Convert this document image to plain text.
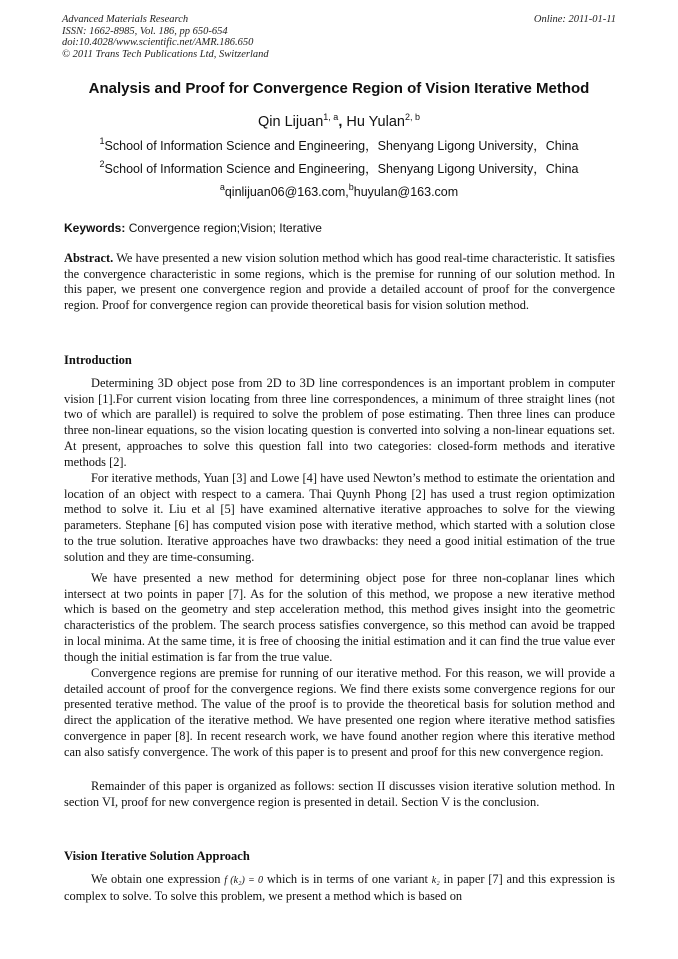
Advanced Materials Research
ISSN: 1662-8985, Vol. 186, pp 650-654
doi:10.4028/www.scientific.net/AMR.186.650
© 2011 Trans Tech Publications Ltd, Switzerland
Online: 2011-01-11
Analysis and Proof for Convergence Region of Vision Iterative Method
Qin Lijuan$^{1, a}$, Hu Yulan$^{2, b}$
$^1$School of Information Science and Engineering，Shenyang Ligong University，China
$^2$School of Information Science and Engineering，Shenyang Ligong University，China
$^a$qinlijuan06@163.com,$^b$huyulan@163.com
Keywords: Convergence region;Vision; Iterative
Abstract. We have presented a new vision solution method which has good real-time characteristic. It satisfies the convergence characteristic in some regions, which is the premise for running of our solution method. In this paper, we present one convergence region and provide a detailed account of proof for the convergence region. Proof for convergence region can provide theoretical basis for vision solution method.
Introduction
Determining 3D object pose from 2D to 3D line correspondences is an important problem in computer vision [1].For current vision locating from three line correspondences, a minimum of three straight lines (not two of which are parallel) is required to solve the problem of pose estimating. Then three lines can produce three non-linear equations, so the vision locating question is converted into solving a non-linear equations set. At present, approaches to solve this question fall into two categories: closed-form methods and iterative methods [2].
For iterative methods, Yuan [3] and Lowe [4] have used Newton’s method to estimate the orientation and location of an object with respect to a camera. Thai Quynh Phong [2] has used a trust region optimization method to solve it. Liu et al [5] have examined alternative iterative approaches to solve for the viewing parameters. Stephane [6] has computed vision pose with iterative method, which started with a solution close to the true solution. Iterative approaches have two drawbacks: they need a good initial estimation of the true solution and they are time-consuming.
We have presented a new method for determining object pose for three non-coplanar lines which intersect at two points in paper [7]. As for the solution of this method, we propose a new iterative method which is based on the geometry and step acceleration method, this method gives insight into the geometric characteristics of the problem. The search process satisfies convergence, so this method can avoid be trapped in local minima. At the same time, it is free of choosing the initial estimation and it can find the true value ever though the initial estimation is far from the true value.
Convergence regions are premise for running of our iterative method. For this reason, we will provide a detailed account of proof for the convergence regions. We find there exists some convergence regions for our presented terative method. The value of the proof is to provide the theoretical basis for solution method and direct the application of the iterative method. We have presented one region where iterative method satisfies convergence in paper [8]. In recent research work, we have found another region where this iterative method can also satisfy convergence. The work of this paper is to present and proof for this new convergence region.
Remainder of this paper is organized as follows: section II discusses vision iterative solution method. In section VI, proof for new convergence region is presented in detail. Section V is the conclusion.
Vision Iterative Solution Approach
We obtain one expression f (k₂) = 0 which is in terms of one variant k₂ in paper [7] and this expression is complex to solve. To solve this problem, we present a method which is based on
